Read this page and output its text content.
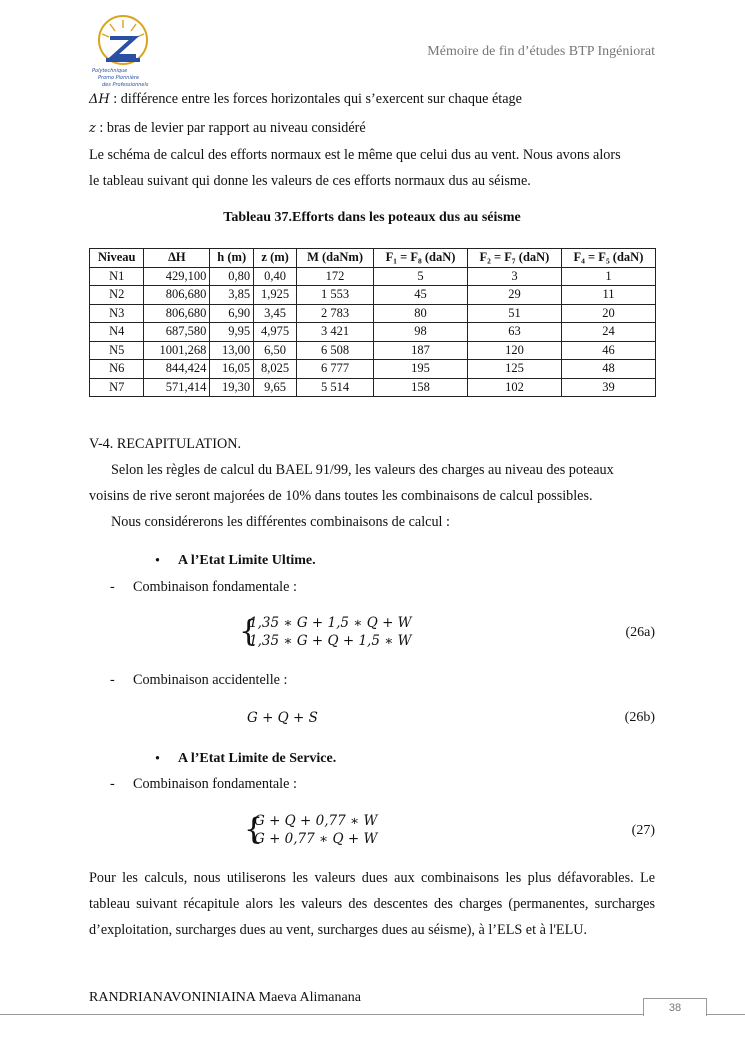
Polytechnique
Promo Pionnière
des Professionnels
Mémoire de fin d’études BTP Ingéniorat
ΔH : différence entre les forces horizontales qui s’exercent sur chaque étage
z : bras de levier par rapport au niveau considéré
Le schéma de calcul des efforts normaux est le même que celui dus au vent. Nous avons alors
le tableau suivant qui donne les valeurs de ces efforts normaux dus au séisme.
Tableau 37.Efforts dans les poteaux dus au séisme
Niveau	ΔH	h (m)	z (m)	M (daNm)	F₁ = F₈ (daN)	F₂ = F₇ (daN)	F₄ = F₅ (daN)
N1	429,100	0,80	0,40	172	5	3	1
N2	806,680	3,85	1,925	1 553	45	29	11
N3	806,680	6,90	3,45	2 783	80	51	20
N4	687,580	9,95	4,975	3 421	98	63	24
N5	1001,268	13,00	6,50	6 508	187	120	46
N6	844,424	16,05	8,025	6 777	195	125	48
N7	571,414	19,30	9,65	5 514	158	102	39
V-4. RECAPITULATION.
Selon les règles de calcul du BAEL 91/99, les valeurs des charges au niveau des poteaux
voisins de rive seront majorées de 10% dans toutes les combinaisons de calcul possibles.
Nous considérerons les différentes combinaisons de calcul :
• A l’Etat Limite Ultime.
- Combinaison fondamentale :
{
1,35 ∗ G + 1,5 ∗ Q + W
1,35 ∗ G + Q + 1,5 ∗ W
(26a)
- Combinaison accidentelle :
G + Q + S	(26b)
• A l’Etat Limite de Service.
- Combinaison fondamentale :
{
G + Q + 0,77 ∗ W
G + 0,77 ∗ Q + W
(27)
Pour les calculs, nous utiliserons les valeurs dues aux combinaisons les plus défavorables. Le
tableau suivant récapitule alors les valeurs des descentes des charges (permanentes, surcharges
d’exploitation, surcharges dues au vent, surcharges dues au séisme), à l’ELS et à l'ELU.
RANDRIANAVONINIAINA Maeva Alimanana
38
